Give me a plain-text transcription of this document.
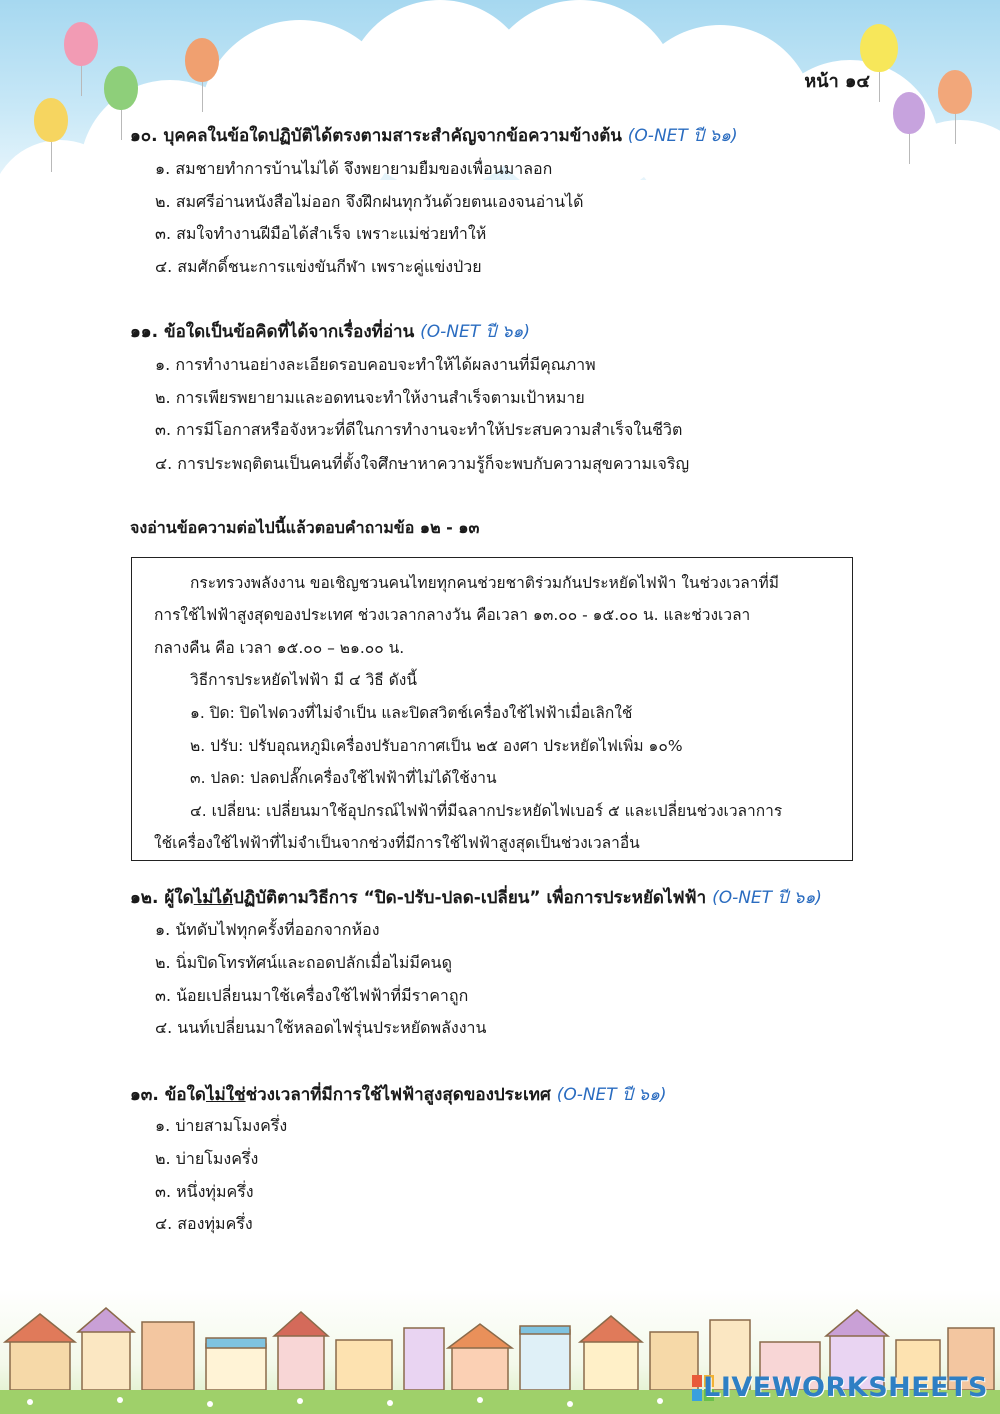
หน้า ๑๔
๑๐. บุคคลในข้อใดปฏิบัติได้ตรงตามสาระสำคัญจากข้อความข้างต้น (O-NET ปี ๖๑)
๑. สมชายทำการบ้านไม่ได้ จึงพยายามยืมของเพื่อนมาลอก
๒. สมศรีอ่านหนังสือไม่ออก จึงฝึกฝนทุกวันด้วยตนเองจนอ่านได้
๓. สมใจทำงานฝีมือได้สำเร็จ เพราะแม่ช่วยทำให้
๔. สมศักดิ์ชนะการแข่งขันกีฬา เพราะคู่แข่งป่วย
๑๑. ข้อใดเป็นข้อคิดที่ได้จากเรื่องที่อ่าน (O-NET ปี ๖๑)
๑. การทำงานอย่างละเอียดรอบคอบจะทำให้ได้ผลงานที่มีคุณภาพ
๒. การเพียรพยายามและอดทนจะทำให้งานสำเร็จตามเป้าหมาย
๓. การมีโอกาสหรือจังหวะที่ดีในการทำงานจะทำให้ประสบความสำเร็จในชีวิต
๔. การประพฤติตนเป็นคนที่ตั้งใจศึกษาหาความรู้ก็จะพบกับความสุขความเจริญ
จงอ่านข้อความต่อไปนี้แล้วตอบคำถามข้อ ๑๒ - ๑๓
กระทรวงพลังงาน ขอเชิญชวนคนไทยทุกคนช่วยชาติร่วมกันประหยัดไฟฟ้า ในช่วงเวลาที่มี
การใช้ไฟฟ้าสูงสุดของประเทศ ช่วงเวลากลางวัน คือเวลา ๑๓.๐๐ - ๑๕.๐๐ น. และช่วงเวลา
กลางคืน คือ เวลา ๑๕.๐๐ – ๒๑.๐๐ น.
วิธีการประหยัดไฟฟ้า มี ๔ วิธี ดังนี้
๑. ปิด: ปิดไฟดวงที่ไม่จำเป็น และปิดสวิตช์เครื่องใช้ไฟฟ้าเมื่อเลิกใช้
๒. ปรับ: ปรับอุณหภูมิเครื่องปรับอากาศเป็น ๒๕ องศา ประหยัดไฟเพิ่ม ๑๐%
๓. ปลด: ปลดปลั๊กเครื่องใช้ไฟฟ้าที่ไม่ได้ใช้งาน
๔. เปลี่ยน: เปลี่ยนมาใช้อุปกรณ์ไฟฟ้าที่มีฉลากประหยัดไฟเบอร์ ๕ และเปลี่ยนช่วงเวลาการ
ใช้เครื่องใช้ไฟฟ้าที่ไม่จำเป็นจากช่วงที่มีการใช้ไฟฟ้าสูงสุดเป็นช่วงเวลาอื่น
๑๒. ผู้ใดไม่ได้ปฏิบัติตามวิธีการ “ปิด-ปรับ-ปลด-เปลี่ยน” เพื่อการประหยัดไฟฟ้า (O-NET ปี ๖๑)
๑. นัทดับไฟทุกครั้งที่ออกจากห้อง
๒. นิ่มปิดโทรทัศน์และถอดปลักเมื่อไม่มีคนดู
๓. น้อยเปลี่ยนมาใช้เครื่องใช้ไฟฟ้าที่มีราคาถูก
๔. นนท์เปลี่ยนมาใช้หลอดไฟรุ่นประหยัดพลังงาน
๑๓. ข้อใดไม่ใช่ช่วงเวลาที่มีการใช้ไฟฟ้าสูงสุดของประเทศ (O-NET ปี ๖๑)
๑. บ่ายสามโมงครึ่ง
๒. บ่ายโมงครึ่ง
๓. หนึ่งทุ่มครึ่ง
๔. สองทุ่มครึ่ง
LIVEWORKSHEETS
